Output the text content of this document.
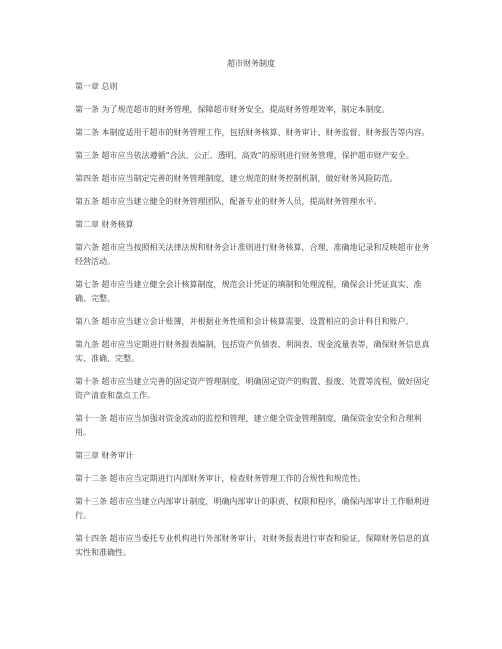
超市财务制度

第一章 总则

第一条 为了规范超市的财务管理，保障超市财务安全，提高财务管理效率，制定本制度。

第二条 本制度适用于超市的财务管理工作，包括财务核算、财务审计、财务监督、财务报告等内容。

第三条 超市应当依法遵循“合法、公正、透明、高效”的原则进行财务管理，保护超市财产安全。

第四条 超市应当制定完善的财务管理制度，建立规范的财务控制机制，做好财务风险防范。

第五条 超市应当建立健全的财务管理团队，配备专业的财务人员，提高财务管理水平。

第二章 财务核算

第六条 超市应当按照相关法律法规和财务会计准则进行财务核算，合理、准确地记录和反映超市业务经营活动。

第七条 超市应当建立健全会计核算制度，规范会计凭证的填制和处理流程，确保会计凭证真实、准确、完整。

第八条 超市应当建立会计账簿，并根据业务性质和会计核算需要，设置相应的会计科目和账户。

第九条 超市应当定期进行财务报表编制，包括资产负债表、利润表、现金流量表等，确保财务信息真实、准确、完整。

第十条 超市应当建立完善的固定资产管理制度，明确固定资产的购置、报废、处置等流程，做好固定资产清查和盘点工作。

第十一条 超市应当加强对资金流动的监控和管理，建立健全资金管理制度，确保资金安全和合理利用。

第三章 财务审计

第十二条 超市应当定期进行内部财务审计，检查财务管理工作的合规性和规范性。

第十三条 超市应当建立内部审计制度，明确内部审计的职责、权限和程序，确保内部审计工作顺利进行。

第十四条 超市应当委托专业机构进行外部财务审计，对财务报表进行审查和验证，保障财务信息的真实性和准确性。
